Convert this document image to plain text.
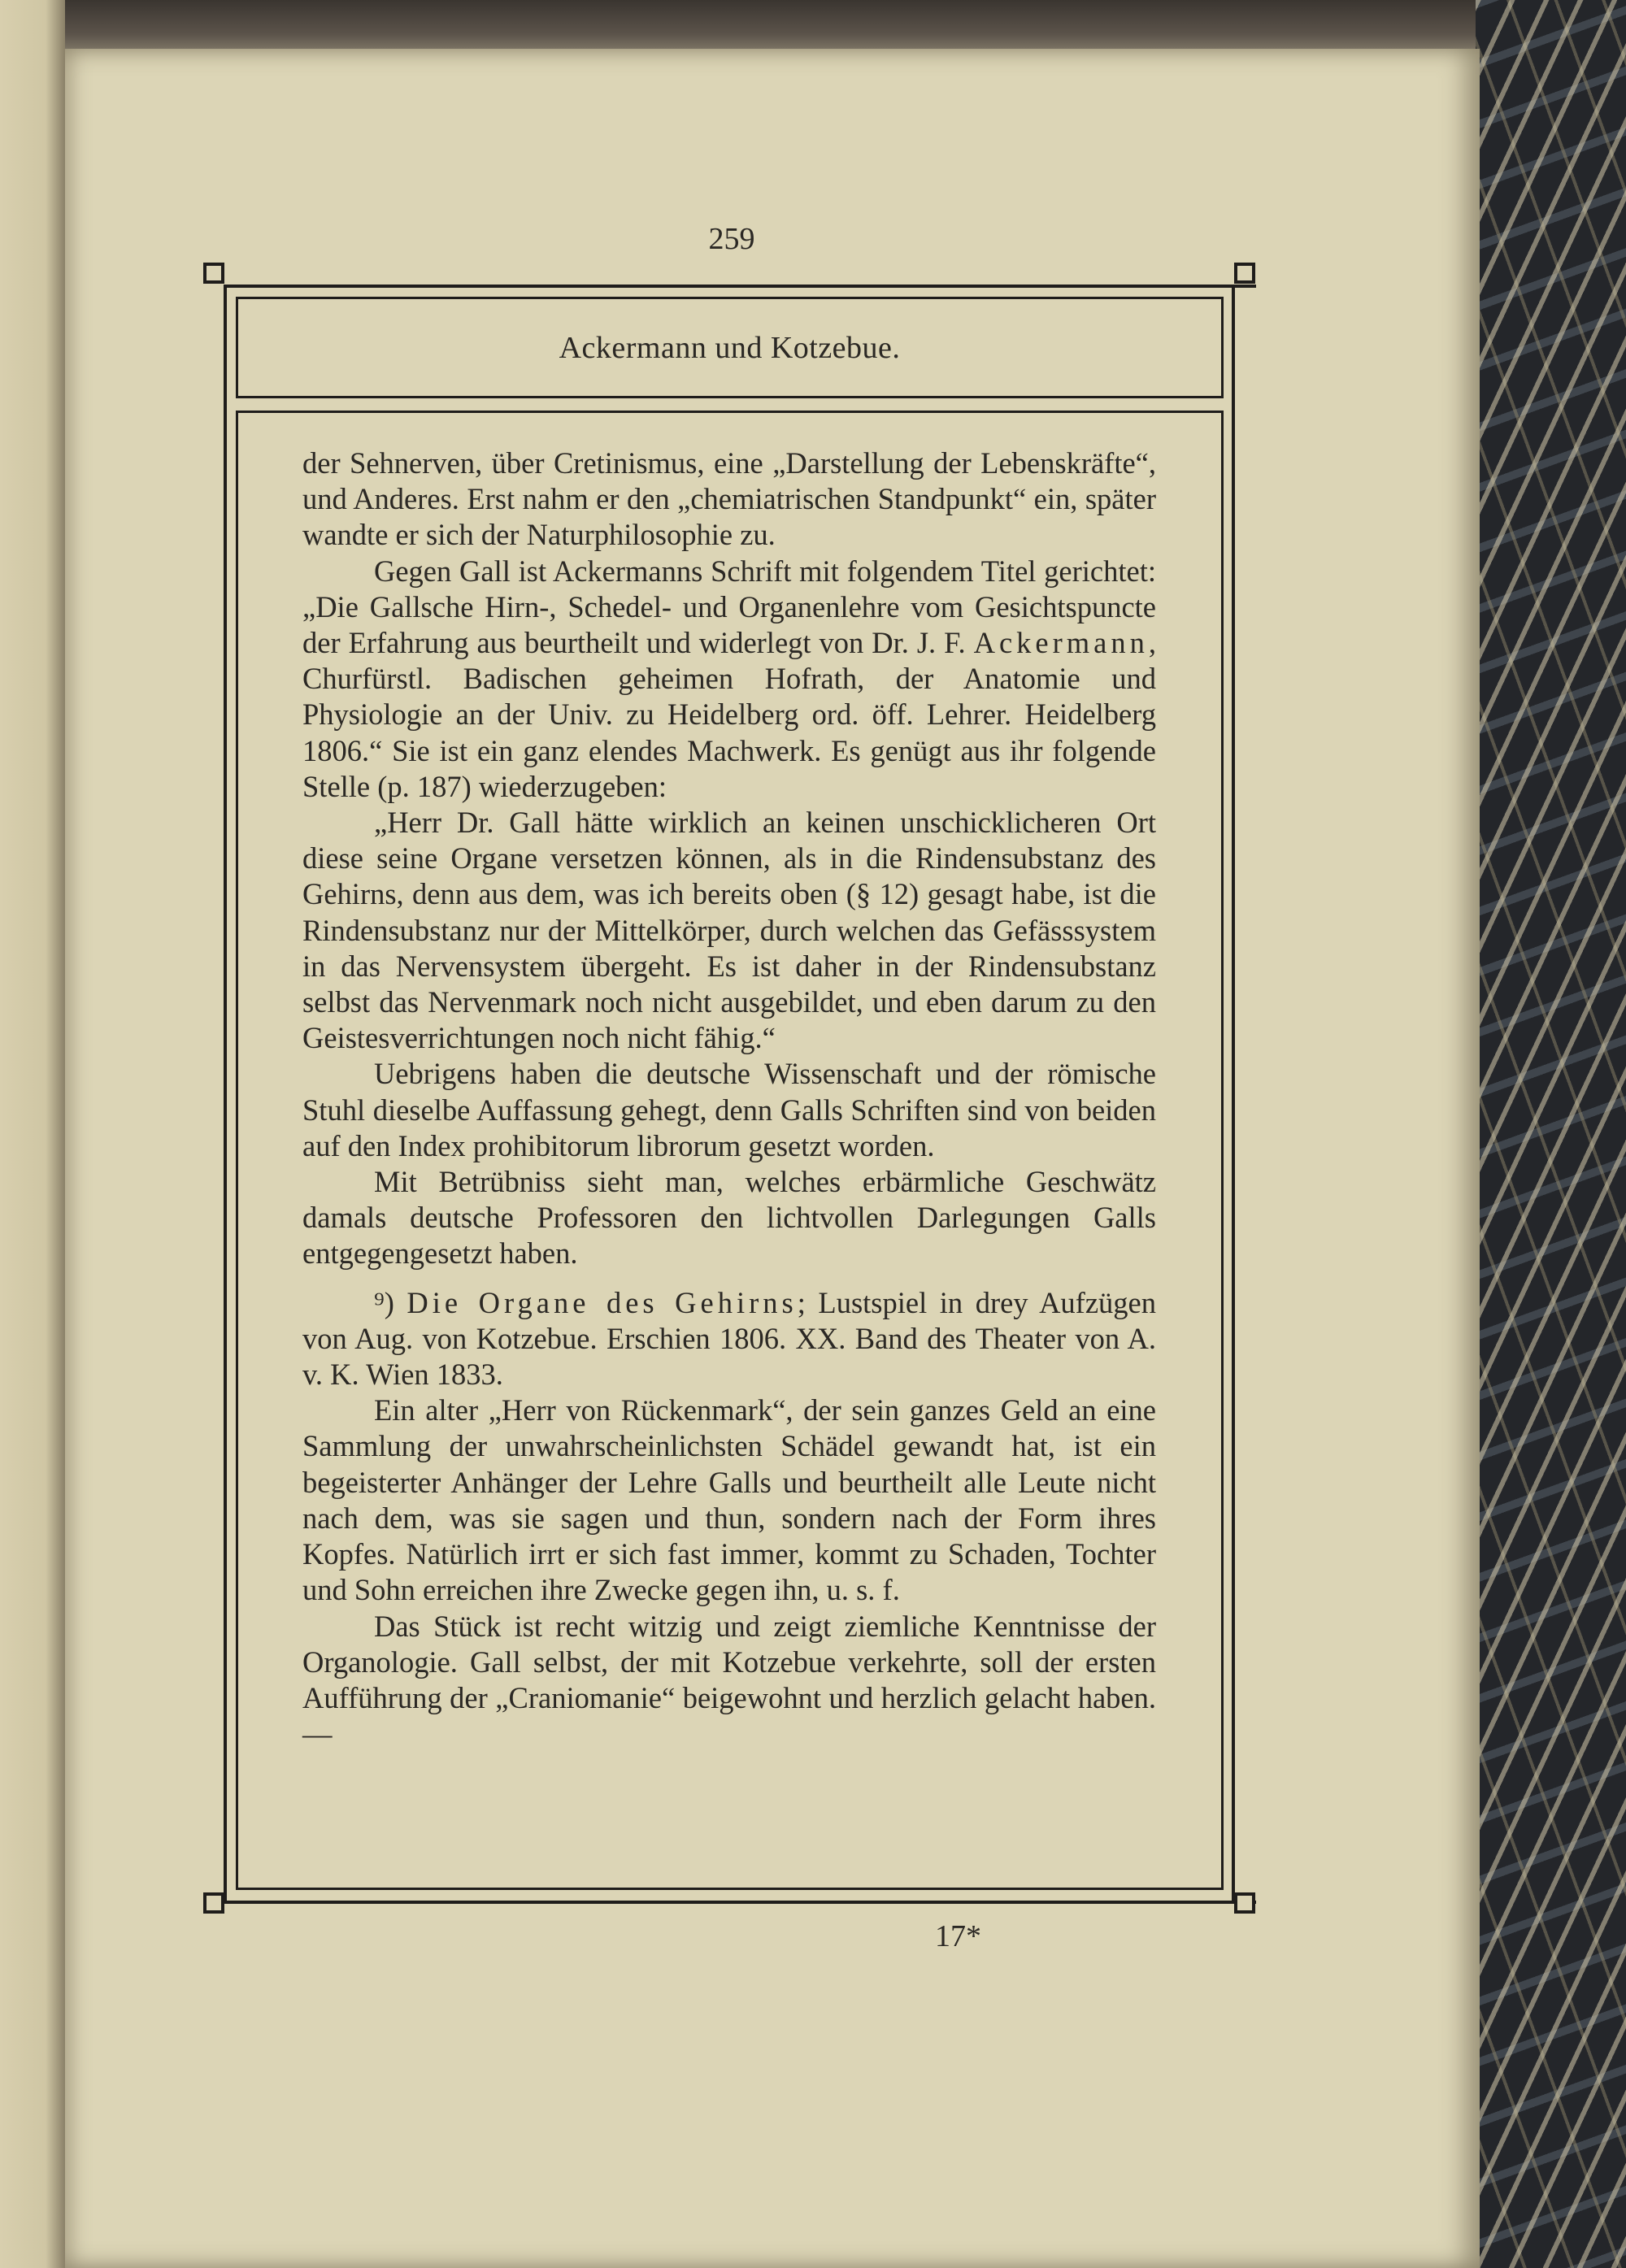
259
Ackermann und Kotzebue.

der Sehnerven, über Cretinismus, eine „Darstellung der Lebenskräfte“, und Anderes. Erst nahm er den „chemiatrischen Standpunkt“ ein, später wandte er sich der Naturphilosophie zu.

Gegen Gall ist Ackermanns Schrift mit folgendem Titel gerichtet: „Die Gallsche Hirn-, Schedel- und Organenlehre vom Gesichtspuncte der Erfahrung aus beurtheilt und widerlegt von Dr. J. F. Ackermann, Churfürstl. Badischen geheimen Hofrath, der Anatomie und Physiologie an der Univ. zu Heidelberg ord. öff. Lehrer. Heidelberg 1806.“ Sie ist ein ganz elendes Machwerk. Es genügt aus ihr folgende Stelle (p. 187) wiederzugeben:

„Herr Dr. Gall hätte wirklich an keinen unschicklicheren Ort diese seine Organe versetzen können, als in die Rindensubstanz des Gehirns, denn aus dem, was ich bereits oben (§ 12) gesagt habe, ist die Rindensubstanz nur der Mittelkörper, durch welchen das Gefässsystem in das Nervensystem übergeht. Es ist daher in der Rindensubstanz selbst das Nervenmark noch nicht ausgebildet, und eben darum zu den Geistesverrichtungen noch nicht fähig.“

Uebrigens haben die deutsche Wissenschaft und der römische Stuhl dieselbe Auffassung gehegt, denn Galls Schriften sind von beiden auf den Index prohibitorum librorum gesetzt worden.

Mit Betrübniss sieht man, welches erbärmliche Geschwätz damals deutsche Professoren den lichtvollen Darlegungen Galls entgegengesetzt haben.

⁹) Die Organe des Gehirns; Lustspiel in drey Aufzügen von Aug. von Kotzebue. Erschien 1806. XX. Band des Theater von A. v. K. Wien 1833.

Ein alter „Herr von Rückenmark“, der sein ganzes Geld an eine Sammlung der unwahrscheinlichsten Schädel gewandt hat, ist ein begeisterter Anhänger der Lehre Galls und beurtheilt alle Leute nicht nach dem, was sie sagen und thun, sondern nach der Form ihres Kopfes. Natürlich irrt er sich fast immer, kommt zu Schaden, Tochter und Sohn erreichen ihre Zwecke gegen ihn, u. s. f.

Das Stück ist recht witzig und zeigt ziemliche Kenntnisse der Organologie. Gall selbst, der mit Kotzebue verkehrte, soll der ersten Aufführung der „Craniomanie“ beigewohnt und herzlich gelacht haben. —

17*
